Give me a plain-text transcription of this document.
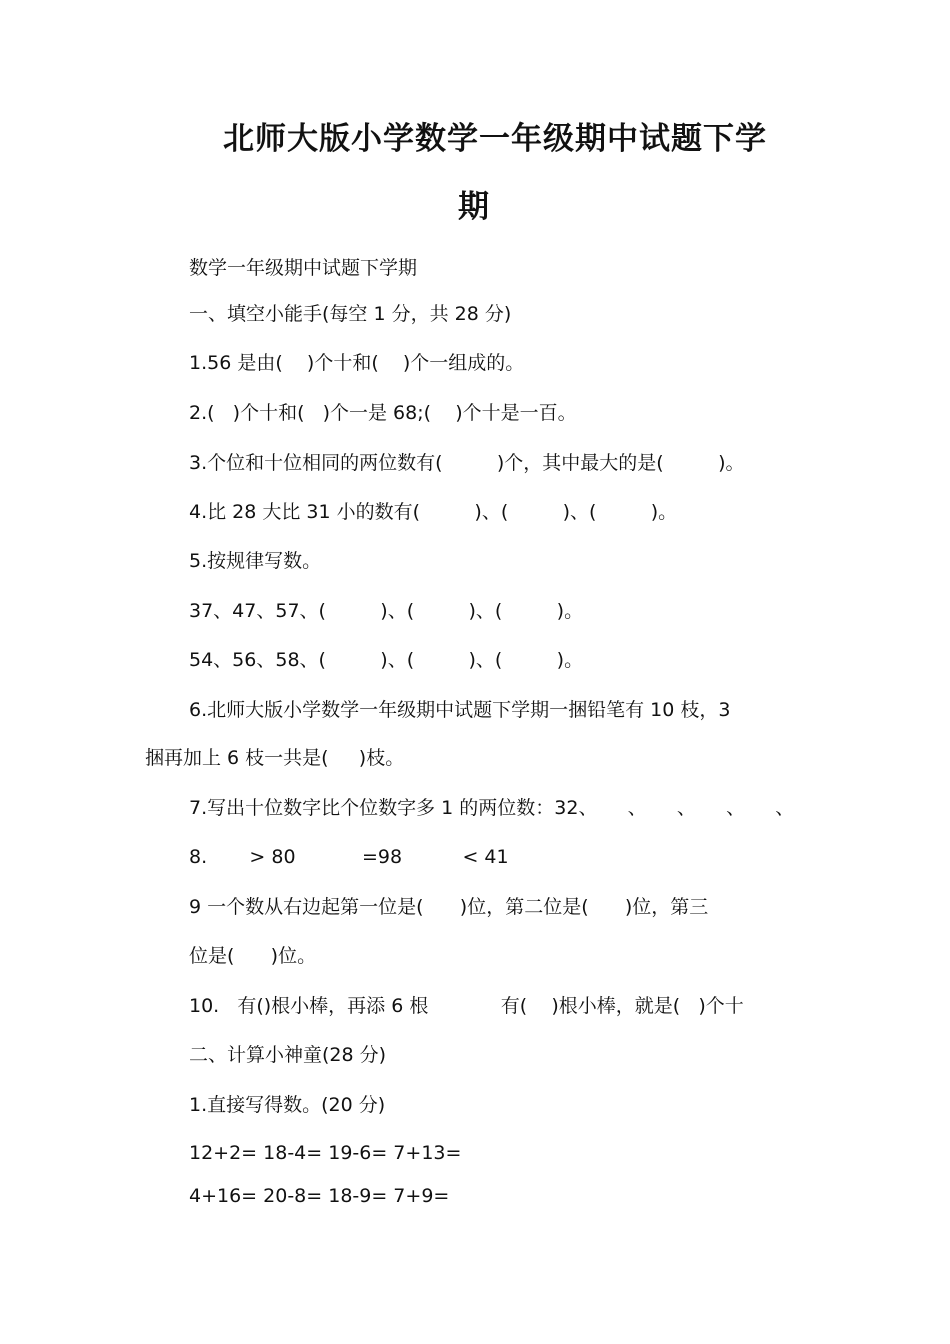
北师大版小学数学一年级期中试题下学
期
数学一年级期中试题下学期
一、填空小能手(每空 1 分，共 28 分)
1.56 是由(    )个十和(    )个一组成的。
2.(   )个十和(   )个一是 68;(    )个十是一百。
3.个位和十位相同的两位数有(         )个，其中最大的是(         )。
4.比 28 大比 31 小的数有(         )、(         )、(         )。
5.按规律写数。
37、47、57、(         )、(         )、(         )。
54、56、58、(         )、(         )、(         )。
6.北师大版小学数学一年级期中试题下学期一捆铅笔有 10 枝，3
捆再加上 6 枝一共是(     )枝。
7.写出十位数字比个位数字多 1 的两位数：32、     、     、     、     、
8.       > 80           =98          < 41
9 一个数从右边起第一位是(      )位，第二位是(      )位，第三
位是(      )位。
10.   有()根小棒，再添 6 根            有(    )根小棒，就是(   )个十
二、计算小神童(28 分)
1.直接写得数。(20 分)
12+2= 18-4= 19-6= 7+13=
4+16= 20-8= 18-9= 7+9=
